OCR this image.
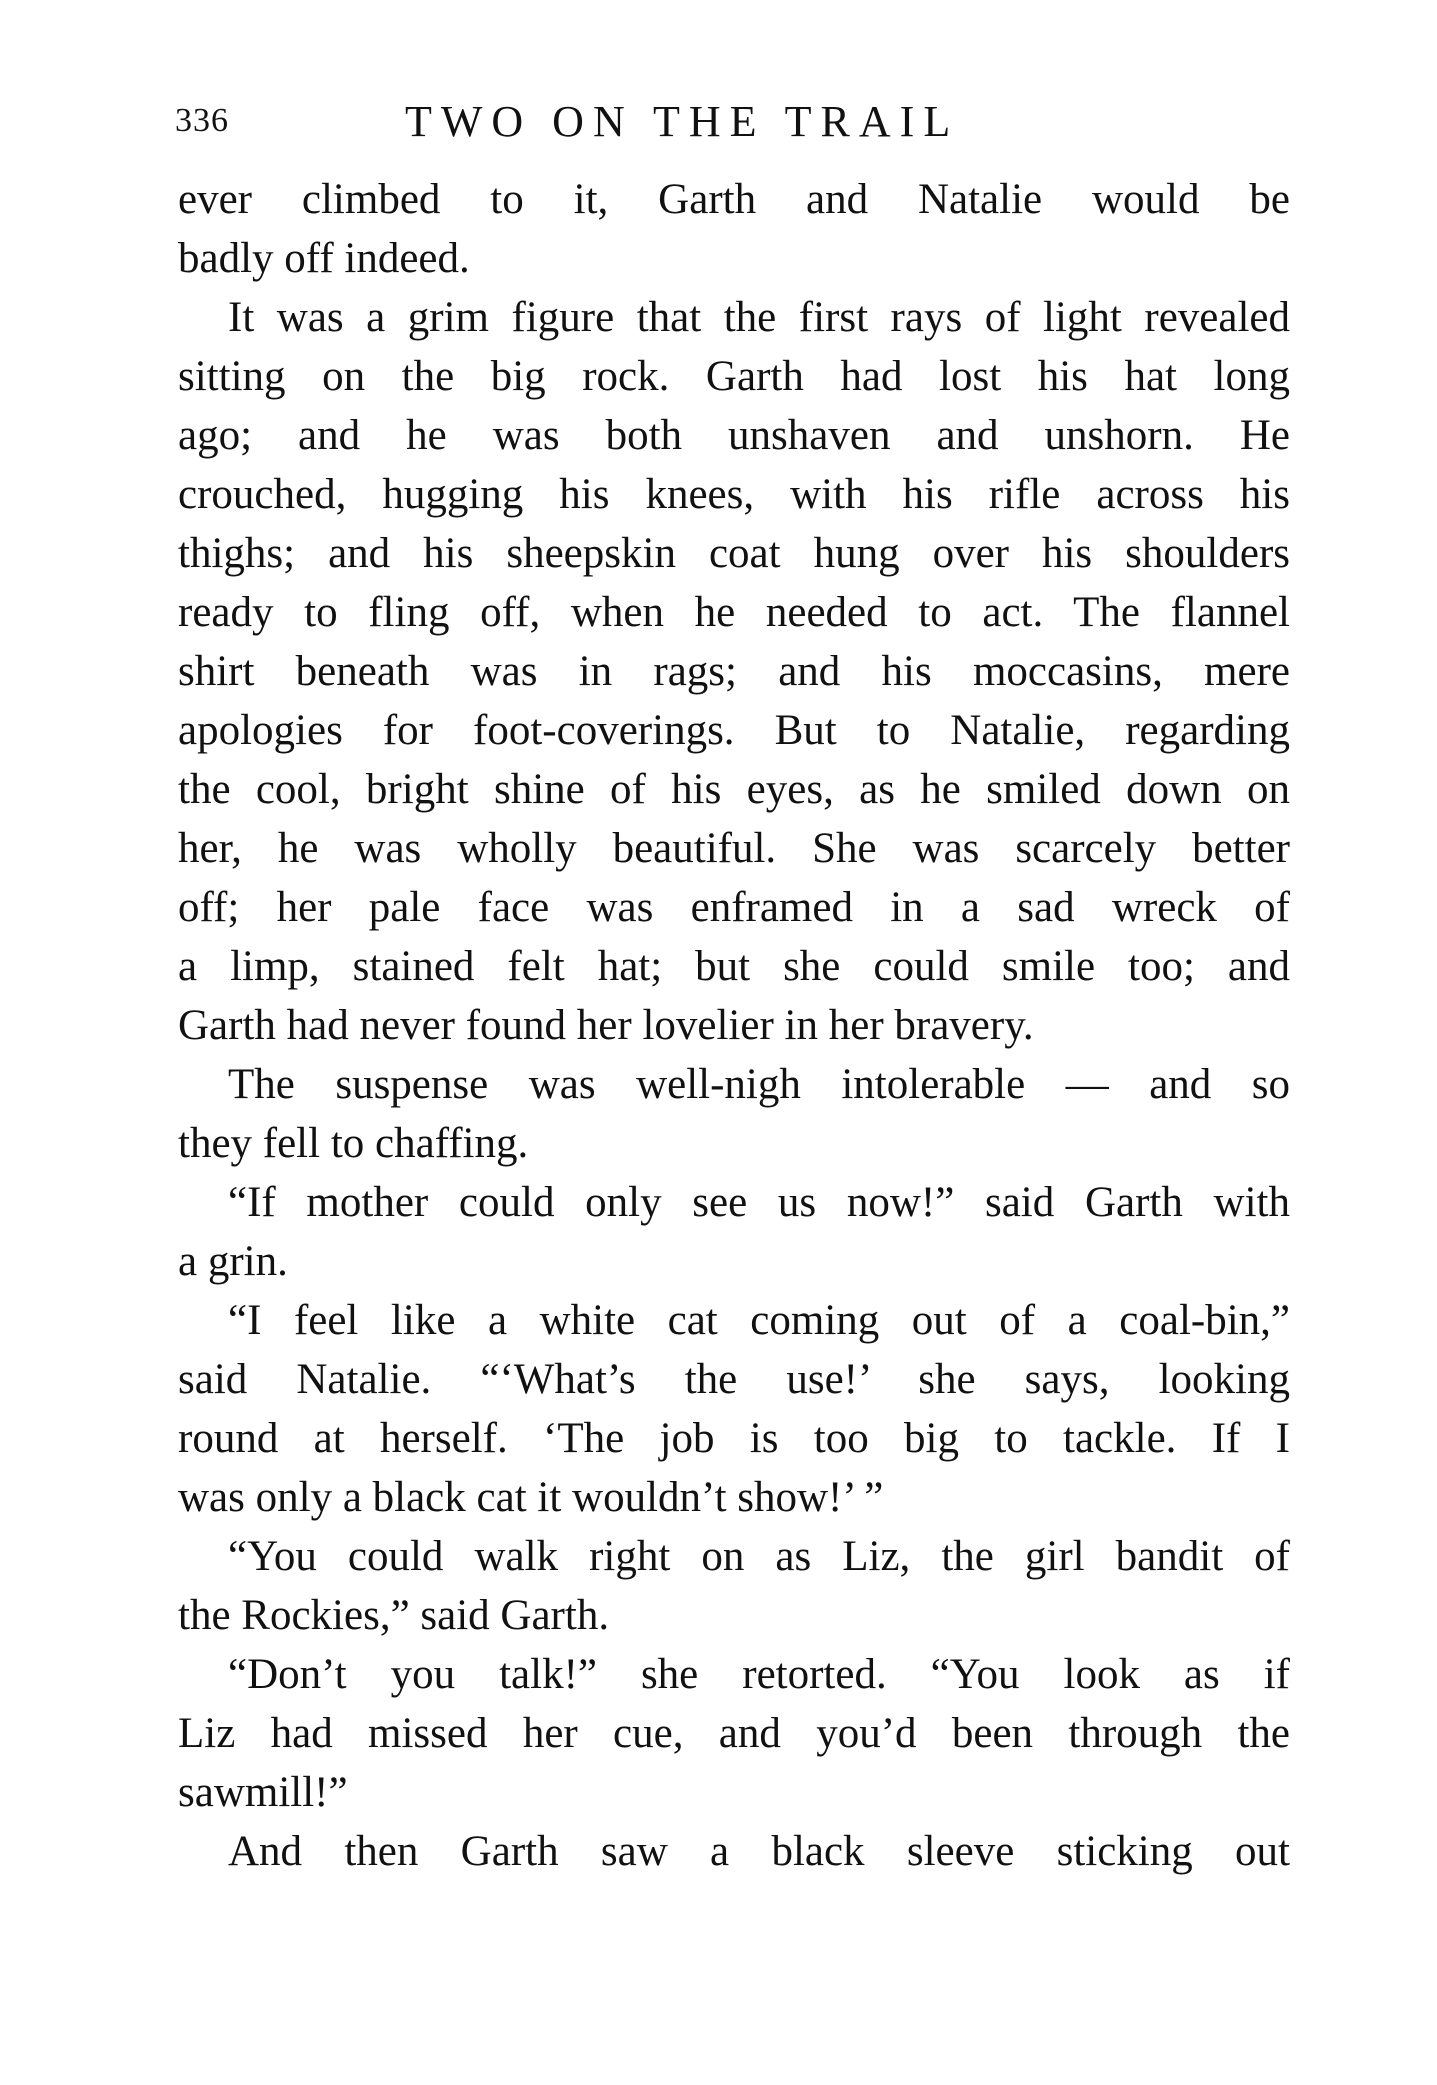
336	TWO ON THE TRAIL
ever climbed to it, Garth and Natalie would be
badly off indeed.
It was a grim figure that the first rays of light revealed
sitting on the big rock. Garth had lost his hat long
ago; and he was both unshaven and unshorn. He
crouched, hugging his knees, with his rifle across his
thighs; and his sheepskin coat hung over his shoulders
ready to fling off, when he needed to act. The flannel
shirt beneath was in rags; and his moccasins, mere
apologies for foot-coverings. But to Natalie, regarding
the cool, bright shine of his eyes, as he smiled down on
her, he was wholly beautiful. She was scarcely better
off; her pale face was enframed in a sad wreck of
a limp, stained felt hat; but she could smile too; and
Garth had never found her lovelier in her bravery.
The suspense was well-nigh intolerable — and so
they fell to chaffing.
“If mother could only see us now!” said Garth with
a grin.
“I feel like a white cat coming out of a coal-bin,”
said Natalie. “‘What’s the use!’ she says, looking
round at herself. ‘The job is too big to tackle. If I
was only a black cat it wouldn’t show!’ ”
“You could walk right on as Liz, the girl bandit of
the Rockies,” said Garth.
“Don’t you talk!” she retorted. “You look as if
Liz had missed her cue, and you’d been through the
sawmill!”
And then Garth saw a black sleeve sticking out
